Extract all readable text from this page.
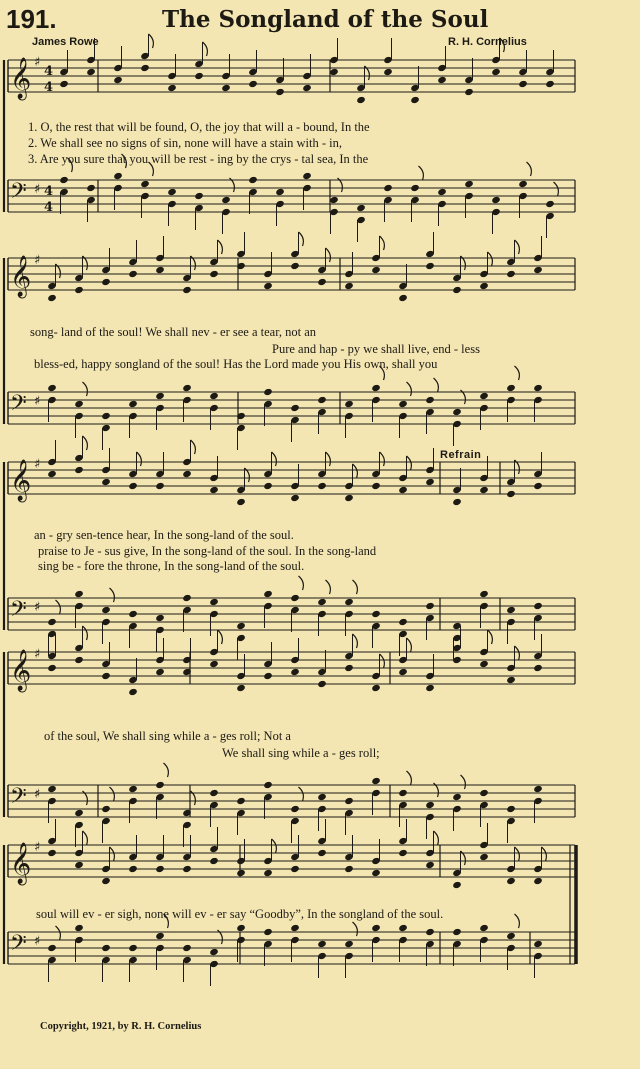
191.	The Songland of the Soul
James Rowe	R. H. Cornelius
𝄞 ♯
4
4
𝄢 ♯ 4
4
𝄞 ♯
𝄢 ♯
𝄞 ♯
𝄢 ♯
𝄞 ♯
𝄢 ♯
𝄞 ♯
𝄢 ♯
1. O, the rest that will be found, O, the joy that will a - bound, In the
2. We shall see no signs of sin, none will have a stain with - in,
3. Are you sure that you will be rest - ing by the crys - tal sea, In the
song- land of the soul! We shall nev - er see a tear, not an
Pure and hap - py we shall live, end - less
bless-ed, happy songland of the soul! Has the Lord made you His own, shall you
Refrain
an - gry sen-tence hear, In the song-land of the soul.
praise to Je - sus give, In the song-land of the soul. In the song-land
sing be - fore the throne, In the song-land of the soul.
of the soul, We shall sing while a - ges roll; Not a
We shall sing while a - ges roll;
soul will ev - er sigh, none will ev - er say “Goodby”, In the songland of the soul.
Copyright, 1921, by R. H. Cornelius
